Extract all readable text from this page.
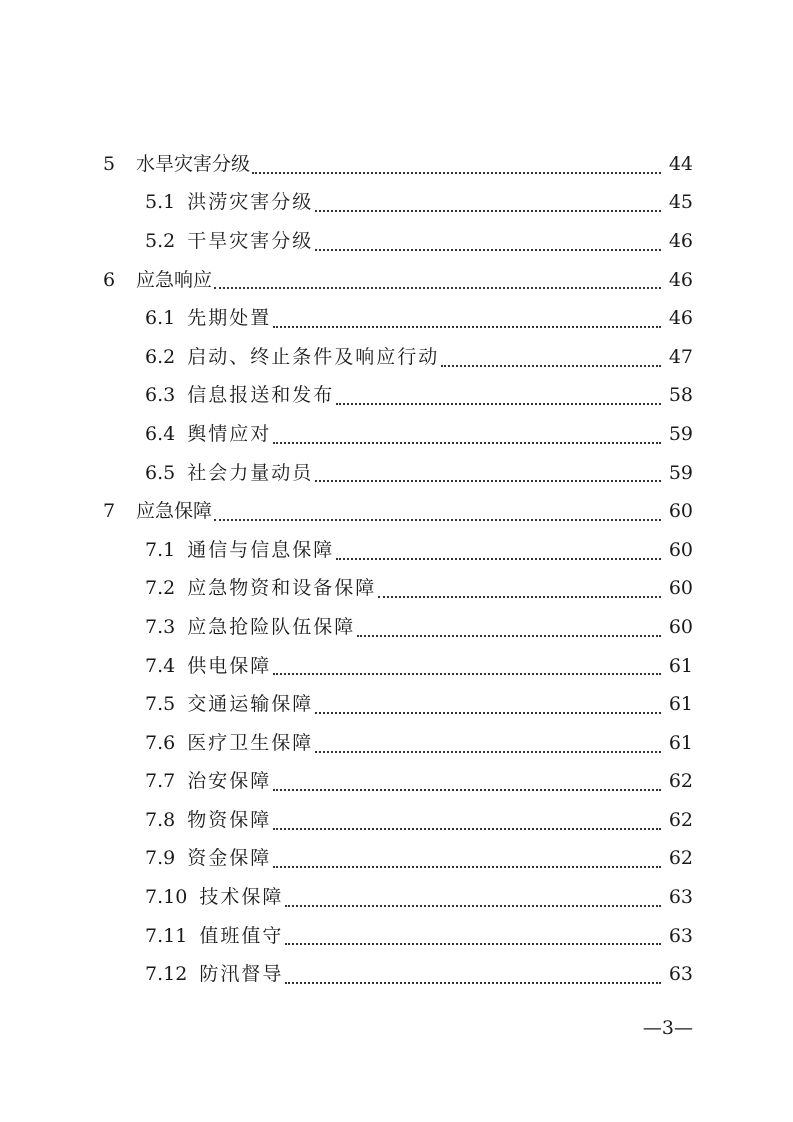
5	水旱灾害分级	44
5.1 洪涝灾害分级	45
5.2 干旱灾害分级	46
6	应急响应	46
6.1 先期处置	46
6.2 启动、终止条件及响应行动	47
6.3 信息报送和发布	58
6.4 舆情应对	59
6.5 社会力量动员	59
7	应急保障	60
7.1 通信与信息保障	60
7.2 应急物资和设备保障	60
7.3 应急抢险队伍保障	60
7.4 供电保障	61
7.5 交通运输保障	61
7.6 医疗卫生保障	61
7.7 治安保障	62
7.8 物资保障	62
7.9 资金保障	62
7.10 技术保障	63
7.11 值班值守	63
7.12 防汛督导	63
—3—
